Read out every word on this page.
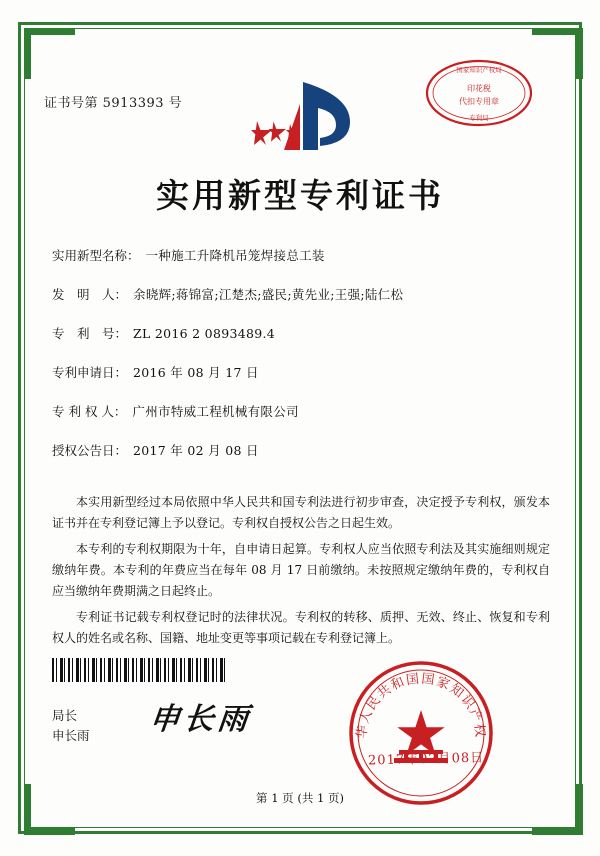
证书号第 5913393 号
印花税
代扣专用章
国家知识产权局
专利局
实用新型专利证书
实用新型名称： 一种施工升降机吊笼焊接总工装
发　明　人： 余晓辉;蒋锦富;江楚杰;盛民;黄先业;王强;陆仁松
专　利　号： ZL 2016 2 0893489.4
专利申请日： 2016 年 08 月 17 日
专 利 权 人： 广州市特威工程机械有限公司
授权公告日： 2017 年 02 月 08 日

本实用新型经过本局依照中华人民共和国专利法进行初步审查，决定授予专利权，颁发本证书并在专利登记簿上予以登记。专利权自授权公告之日起生效。

本专利的专利权期限为十年，自申请日起算。专利权人应当依照专利法及其实施细则规定缴纳年费。本专利的年费应当在每年 08 月 17 日前缴纳。未按照规定缴纳年费的，专利权自应当缴纳年费期满之日起终止。

专利证书记载专利权登记时的法律状况。专利权的转移、质押、无效、终止、恢复和专利权人的姓名或名称、国籍、地址变更等事项记载在专利登记簿上。

局长
申长雨 申长雨	华人民共和国国家知识产权
2017年02月08日
第 1 页 (共 1 页)
